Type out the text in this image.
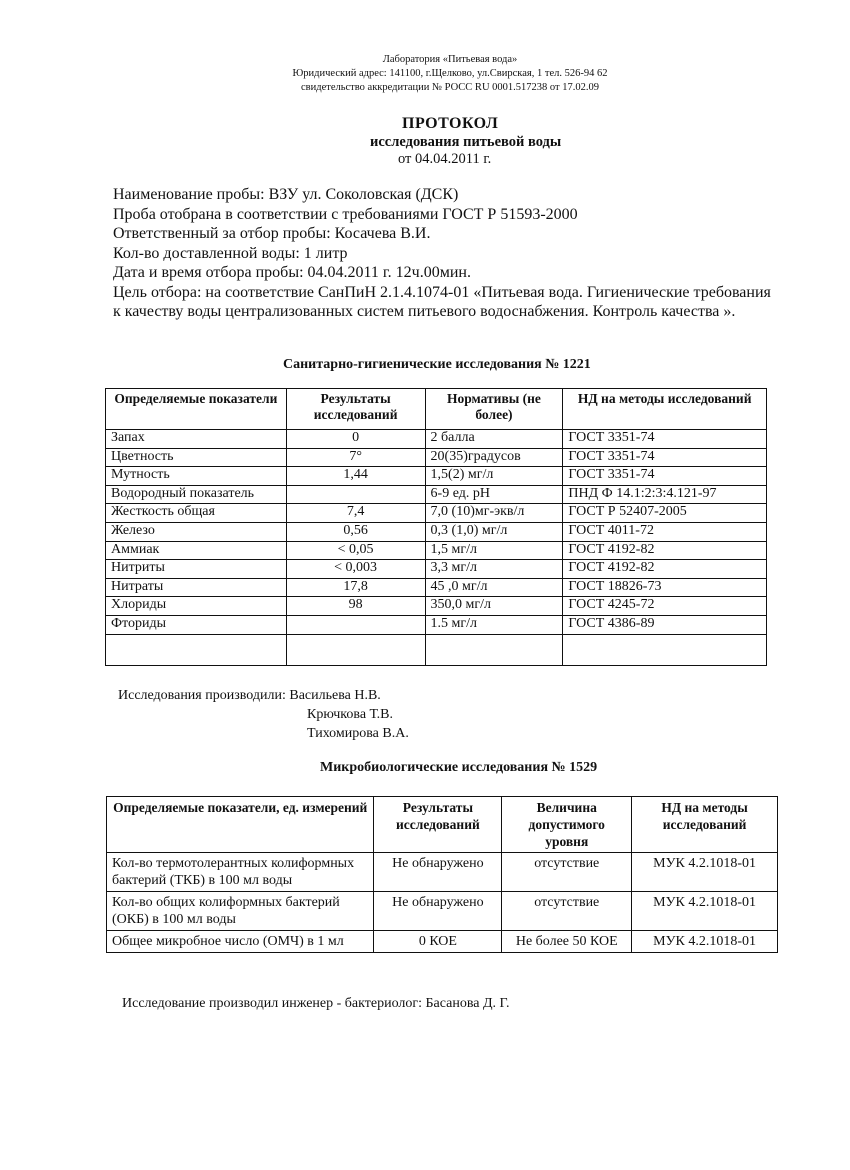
Лаборатория «Питьевая вода»
Юридический адрес: 141100, г.Щелково, ул.Свирская, 1 тел. 526-94 62
свидетельство аккредитации № РОСС RU 0001.517238 от 17.02.09
ПРОТОКОЛ
исследования питьевой воды
от 04.04.2011 г.
Наименование пробы: ВЗУ ул. Соколовская (ДСК)
Проба отобрана в соответствии с требованиями ГОСТ Р 51593-2000
Ответственный за отбор пробы: Косачева В.И.
Кол-во доставленной воды: 1 литр
Дата и время отбора пробы: 04.04.2011 г. 12ч.00мин.
Цель отбора: на соответствие СанПиН 2.1.4.1074-01 «Питьевая вода. Гигиенические требования к качеству воды централизованных систем питьевого водоснабжения. Контроль качества ».
Санитарно-гигиенические исследования № 1221
Определяемые показатели	Результаты исследований	Нормативы (не более)	НД на методы исследований
Запах	0	2 балла	ГОСТ 3351-74
Цветность	7°	20(35)градусов	ГОСТ 3351-74
Мутность	1,44	1,5(2) мг/л	ГОСТ 3351-74
Водородный показатель		6-9 ед. pH	ПНД Ф 14.1:2:3:4.121-97
Жесткость общая	7,4	7,0 (10)мг-экв/л	ГОСТ Р 52407-2005
Железо	0,56	0,3 (1,0) мг/л	ГОСТ 4011-72
Аммиак	< 0,05	1,5 мг/л	ГОСТ 4192-82
Нитриты	< 0,003	3,3 мг/л	ГОСТ 4192-82
Нитраты	17,8	45 ,0 мг/л	ГОСТ 18826-73
Хлориды	98	350,0 мг/л	ГОСТ 4245-72
Фториды		1.5 мг/л	ГОСТ 4386-89

Исследования производили: Васильева Н.В.
Крючкова Т.В.
Тихомирова В.А.
Микробиологические исследования № 1529
Определяемые показатели, ед. измерений	Результаты исследований	Величина допустимого уровня	НД на методы исследований
Кол-во термотолерантных колиформных бактерий (ТКБ) в 100 мл воды	Не обнаружено	отсутствие	МУК 4.2.1018-01
Кол-во общих колиформных бактерий (ОКБ) в 100 мл воды	Не обнаружено	отсутствие	МУК 4.2.1018-01
Общее микробное число (ОМЧ) в 1 мл	0 КОЕ	Не более 50 КОЕ	МУК 4.2.1018-01
Исследование производил инженер - бактериолог: Басанова Д. Г.
